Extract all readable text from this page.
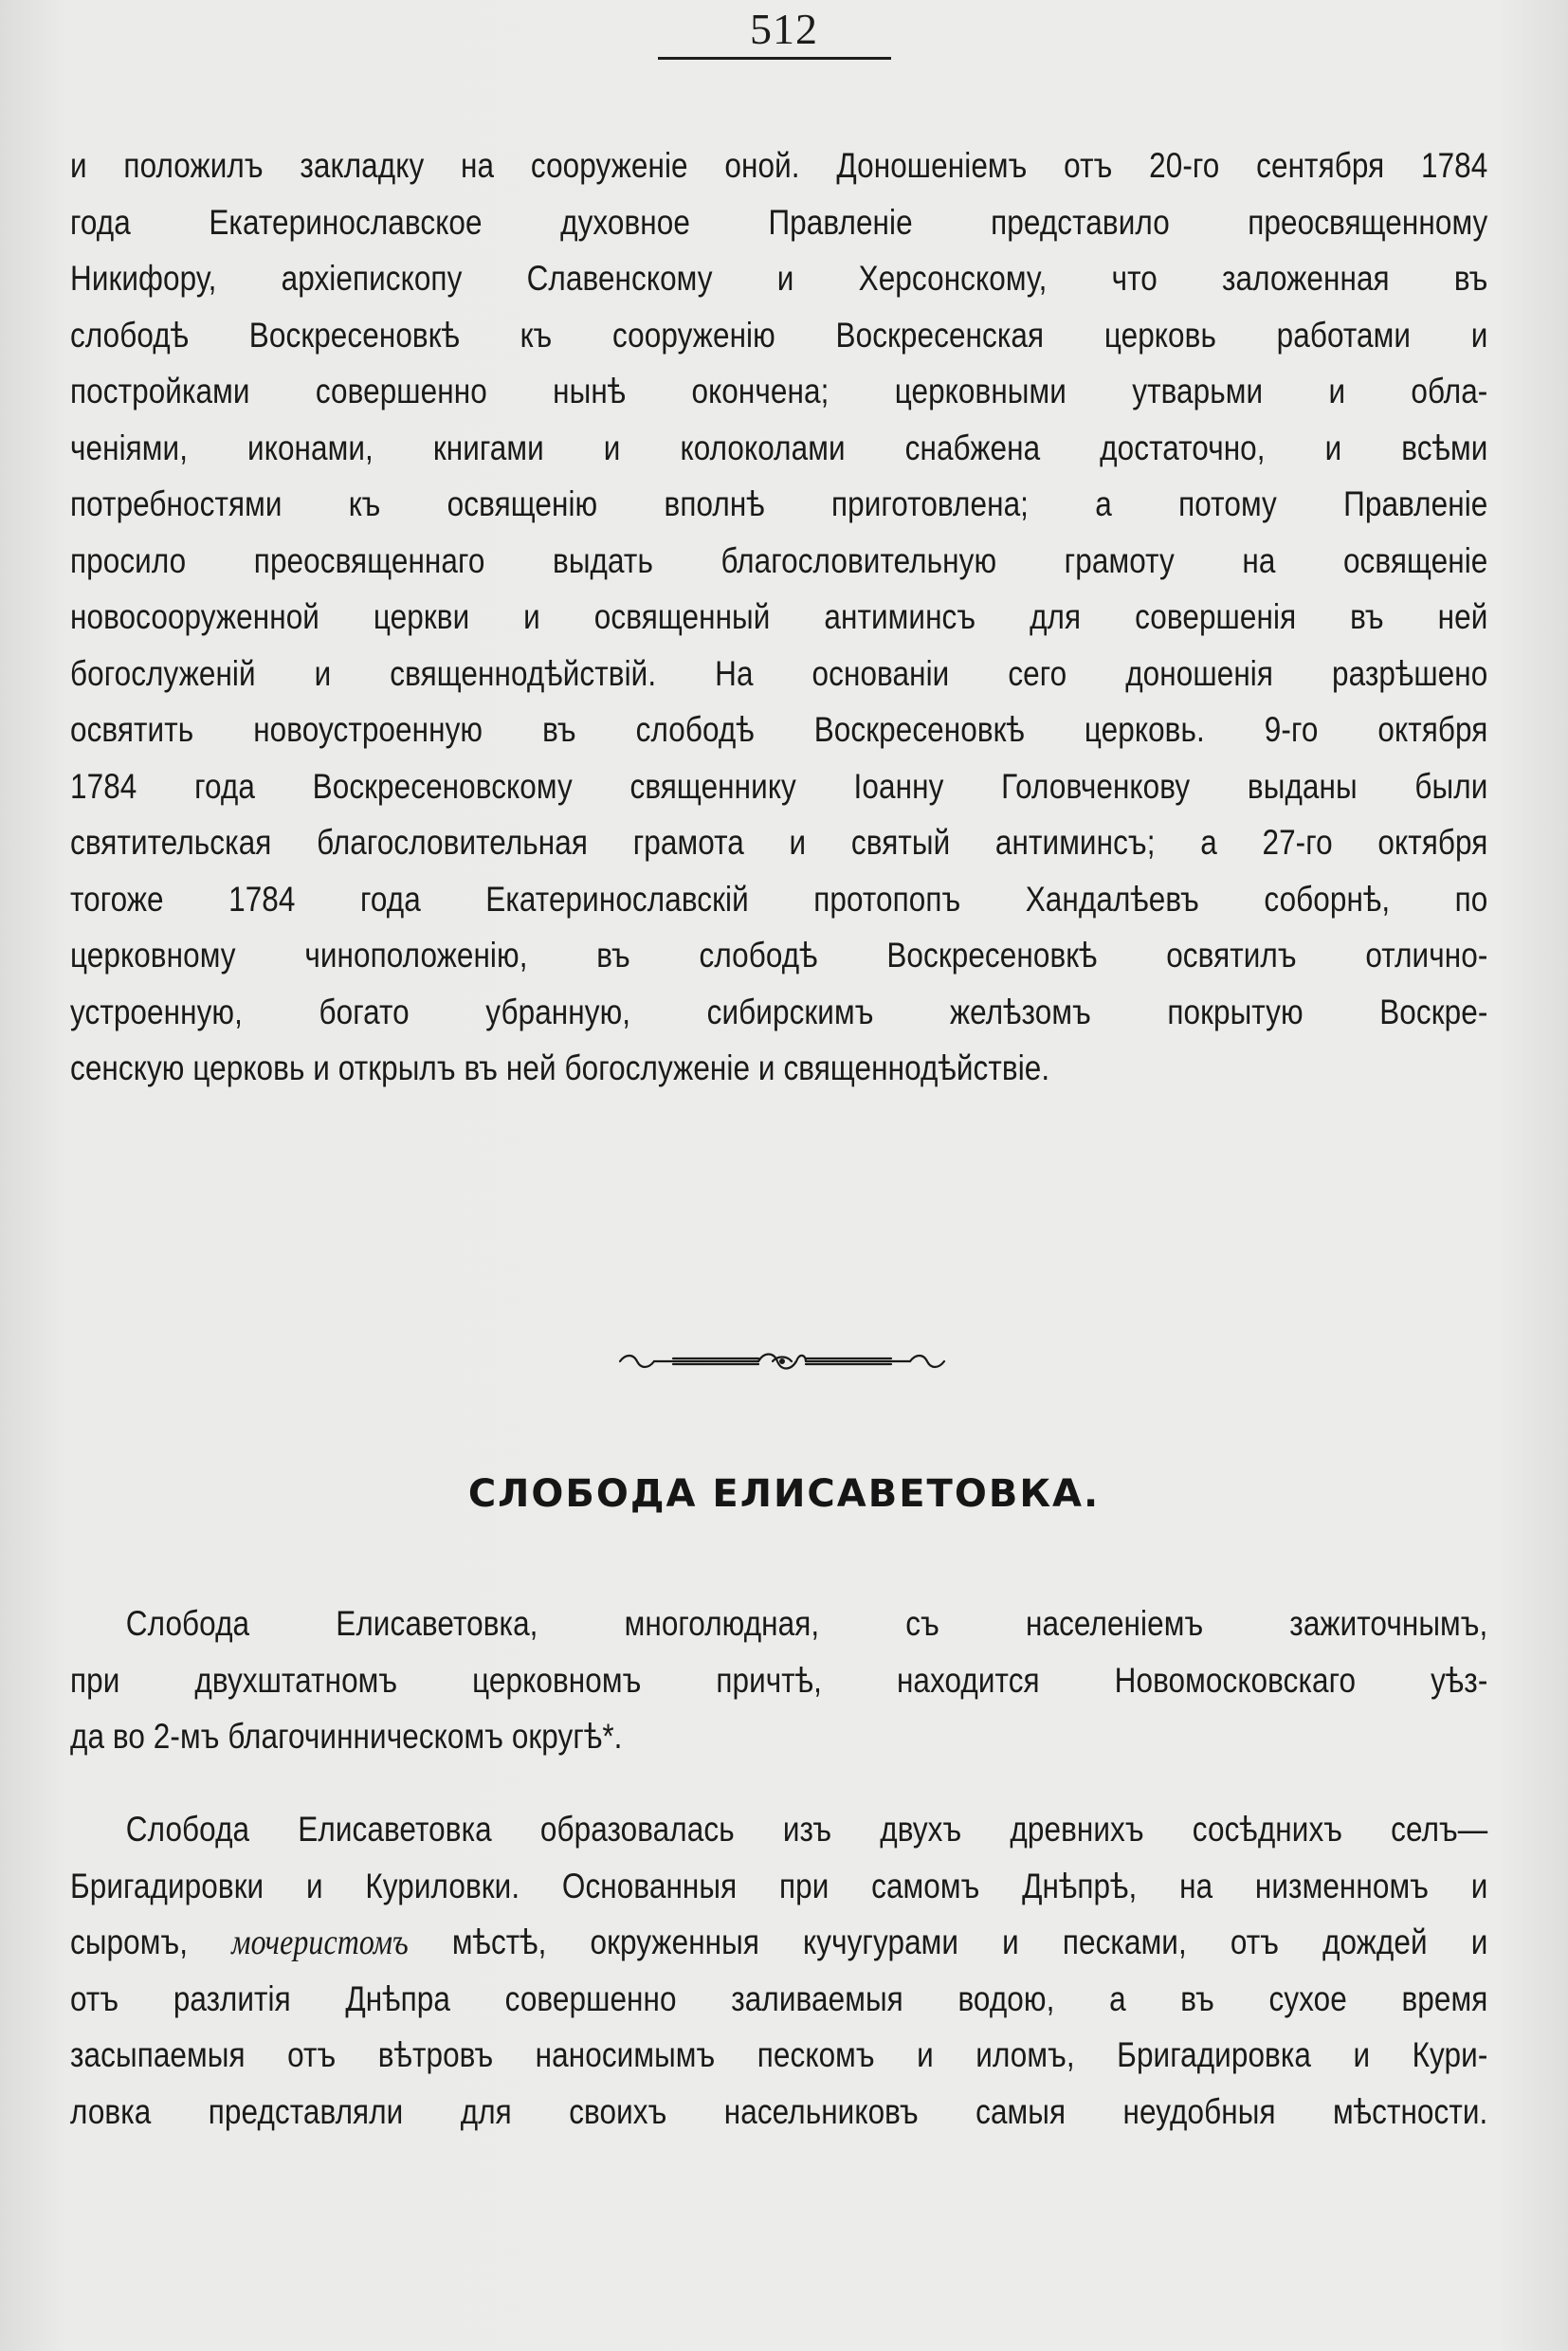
512
и положилъ закладку на сооруженіе оной. Доношеніемъ отъ 20-го сентября 1784
года Екатеринославское духовное Правленіе представило преосвященному
Никифору, архіепископу Славенскому и Херсонскому, что заложенная въ
слободѣ Воскресеновкѣ къ сооруженію Воскресенская церковь работами и
постройками совершенно нынѣ окончена; церковными утварьми и обла-
ченіями, иконами, книгами и колоколами снабжена достаточно, и всѣми
потребностями къ освященію вполнѣ приготовлена; а потому Правленіе
просило преосвященнаго выдать благословительную грамоту на освященіе
новосооруженной церкви и освященный антиминсъ для совершенія въ ней
богослуженій и священнодѣйствій. На основаніи сего доношенія разрѣшено
освятить новоустроенную въ слободѣ Воскресеновкѣ церковь. 9-го октября
1784 года Воскресеновскому священнику Іоанну Головченкову выданы были
святительская благословительная грамота и святый антиминсъ; а 27-го октября
тогоже 1784 года Екатеринославскій протопопъ Хандалѣевъ соборнѣ, по
церковному чиноположенію, въ слободѣ Воскресеновкѣ освятилъ отлично-
устроенную, богато убранную, сибирскимъ желѣзомъ покрытую Воскре-
сенскую церковь и открылъ въ ней богослуженіе и священнодѣйствіе.
СЛОБОДА ЕЛИСАВЕТОВКА.
Слобода Елисаветовка, многолюдная, съ населеніемъ зажиточнымъ,
при двухштатномъ церковномъ причтѣ, находится Новомосковскаго уѣз-
да во 2-мъ благочинническомъ округѣ*.
Слобода Елисаветовка образовалась изъ двухъ древнихъ сосѣднихъ селъ—
Бригадировки и Куриловки. Основанныя при самомъ Днѣпрѣ, на низменномъ и
сыромъ, мочеристомъ мѣстѣ, окруженныя кучугурами и песками, отъ дождей и
отъ разлитія Днѣпра совершенно заливаемыя водою, а въ сухое время
засыпаемыя отъ вѣтровъ наносимымъ пескомъ и иломъ, Бригадировка и Кури-
ловка представляли для своихъ насельниковъ самыя неудобныя мѣстности.
